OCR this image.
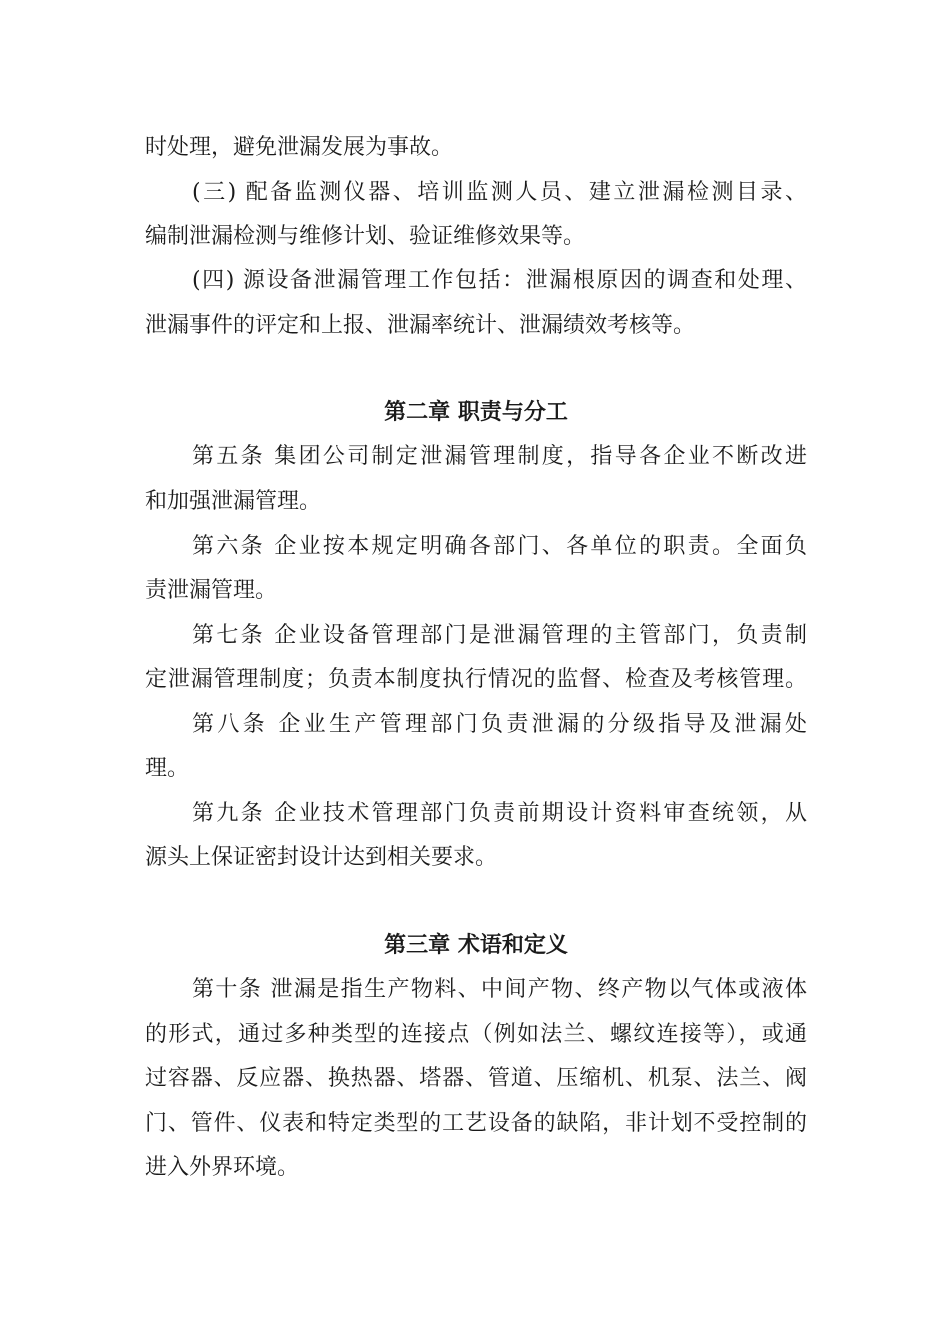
时处理，避免泄漏发展为事故。
(三) 配备监测仪器、培训监测人员、建立泄漏检测目录、
编制泄漏检测与维修计划、验证维修效果等。
(四) 源设备泄漏管理工作包括：泄漏根原因的调查和处理、
泄漏事件的评定和上报、泄漏率统计、泄漏绩效考核等。
第二章 职责与分工
第五条 集团公司制定泄漏管理制度，指导各企业不断改进
和加强泄漏管理。
第六条 企业按本规定明确各部门、各单位的职责。全面负
责泄漏管理。
第七条 企业设备管理部门是泄漏管理的主管部门，负责制
定泄漏管理制度；负责本制度执行情况的监督、检查及考核管理。
第八条 企业生产管理部门负责泄漏的分级指导及泄漏处
理。
第九条 企业技术管理部门负责前期设计资料审查统领，从
源头上保证密封设计达到相关要求。
第三章 术语和定义
第十条 泄漏是指生产物料、中间产物、终产物以气体或液体
的形式，通过多种类型的连接点（例如法兰、螺纹连接等），或通
过容器、反应器、换热器、塔器、管道、压缩机、机泵、法兰、阀
门、管件、仪表和特定类型的工艺设备的缺陷，非计划不受控制的
进入外界环境。
